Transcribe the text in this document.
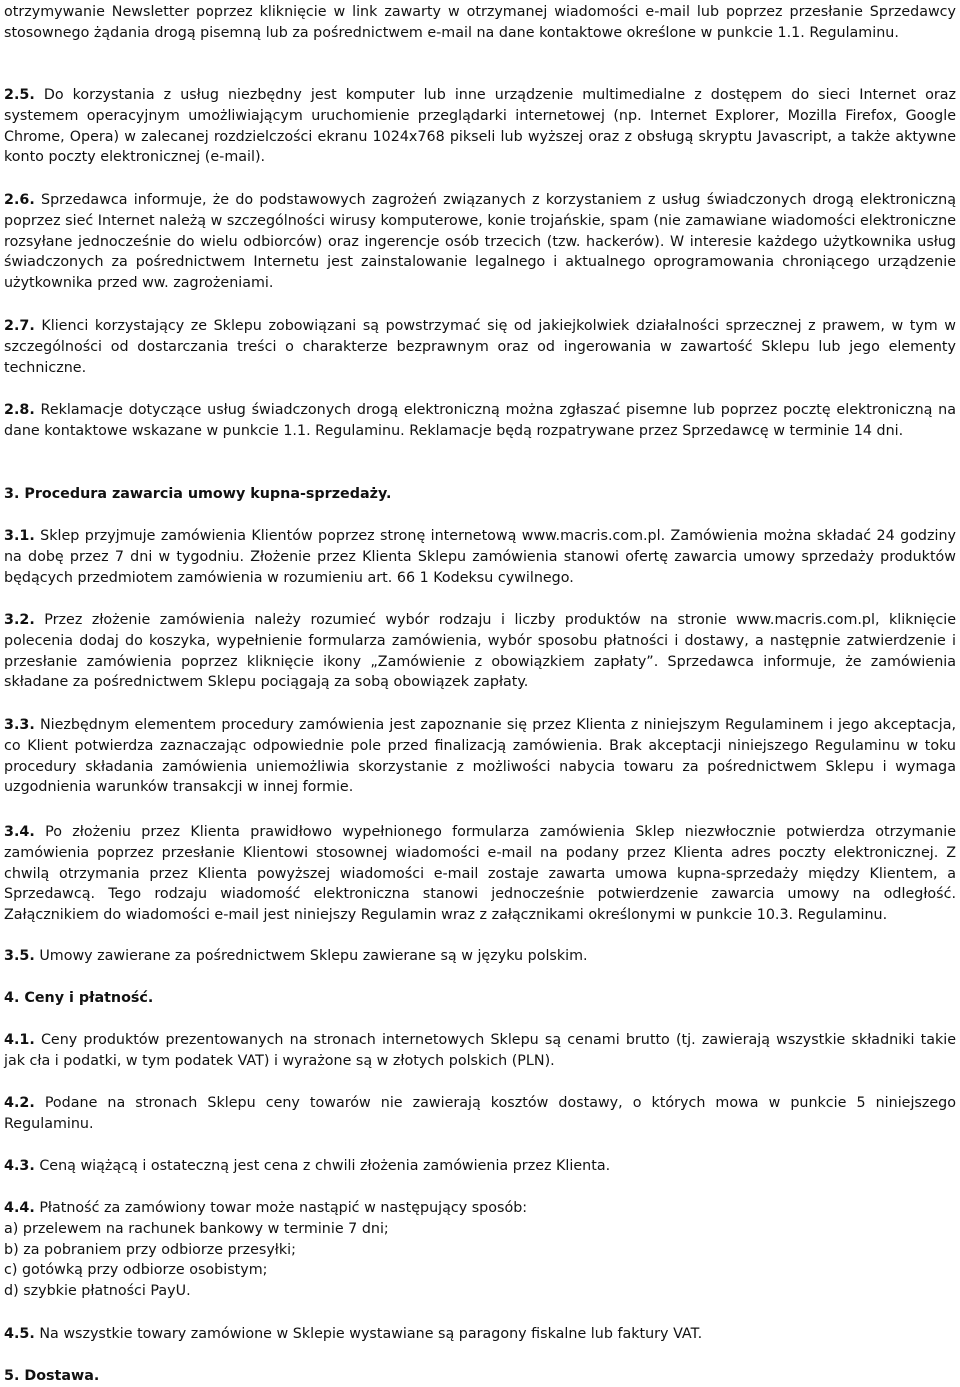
otrzymywanie Newsletter poprzez kliknięcie w link zawarty w otrzymanej wiadomości e-mail lub poprzez przesłanie Sprzedawcy stosownego żądania drogą pisemną lub za pośrednictwem e-mail na dane kontaktowe określone w punkcie 1.1. Regulaminu.

2.5. Do korzystania z usług niezbędny jest komputer lub inne urządzenie multimedialne z dostępem do sieci Internet oraz systemem operacyjnym umożliwiającym uruchomienie przeglądarki internetowej (np. Internet Explorer, Mozilla Firefox, Google Chrome, Opera) w zalecanej rozdzielczości ekranu 1024x768 pikseli lub wyższej oraz z obsługą skryptu Javascript, a także aktywne konto poczty elektronicznej (e-mail).

2.6. Sprzedawca informuje, że do podstawowych zagrożeń związanych z korzystaniem z usług świadczonych drogą elektroniczną poprzez sieć Internet należą w szczególności wirusy komputerowe, konie trojańskie, spam (nie zamawiane wiadomości elektroniczne rozsyłane jednocześnie do wielu odbiorców) oraz ingerencje osób trzecich (tzw. hackerów). W interesie każdego użytkownika usług świadczonych za pośrednictwem Internetu jest zainstalowanie legalnego i aktualnego oprogramowania chroniącego urządzenie użytkownika przed ww. zagrożeniami.

2.7. Klienci korzystający ze Sklepu zobowiązani są powstrzymać się od jakiejkolwiek działalności sprzecznej z prawem, w tym w szczególności od dostarczania treści o charakterze bezprawnym oraz od ingerowania w zawartość Sklepu lub jego elementy techniczne.

2.8. Reklamacje dotyczące usług świadczonych drogą elektroniczną można zgłaszać pisemne lub poprzez pocztę elektroniczną na dane kontaktowe wskazane w punkcie 1.1. Regulaminu. Reklamacje będą rozpatrywane przez Sprzedawcę w terminie 14 dni.

3. Procedura zawarcia umowy kupna-sprzedaży.

3.1. Sklep przyjmuje zamówienia Klientów poprzez stronę internetową www.macris.com.pl. Zamówienia można składać 24 godziny na dobę przez 7 dni w tygodniu. Złożenie przez Klienta Sklepu zamówienia stanowi ofertę zawarcia umowy sprzedaży produktów będących przedmiotem zamówienia w rozumieniu art. 66 1 Kodeksu cywilnego.

3.2. Przez złożenie zamówienia należy rozumieć wybór rodzaju i liczby produktów na stronie www.macris.com.pl, kliknięcie polecenia dodaj do koszyka, wypełnienie formularza zamówienia, wybór sposobu płatności i dostawy, a następnie zatwierdzenie i przesłanie zamówienia poprzez kliknięcie ikony „Zamówienie z obowiązkiem zapłaty”. Sprzedawca informuje, że zamówienia składane za pośrednictwem Sklepu pociągają za sobą obowiązek zapłaty.

3.3. Niezbędnym elementem procedury zamówienia jest zapoznanie się przez Klienta z niniejszym Regulaminem i jego akceptacja, co Klient potwierdza zaznaczając odpowiednie pole przed finalizacją zamówienia. Brak akceptacji niniejszego Regulaminu w toku procedury składania zamówienia uniemożliwia skorzystanie z możliwości nabycia towaru za pośrednictwem Sklepu i wymaga uzgodnienia warunków transakcji w innej formie.

3.4. Po złożeniu przez Klienta prawidłowo wypełnionego formularza zamówienia Sklep niezwłocznie potwierdza otrzymanie zamówienia poprzez przesłanie Klientowi stosownej wiadomości e-mail na podany przez Klienta adres poczty elektronicznej. Z chwilą otrzymania przez Klienta powyższej wiadomości e-mail zostaje zawarta umowa kupna-sprzedaży między Klientem, a Sprzedawcą. Tego rodzaju wiadomość elektroniczna stanowi jednocześnie potwierdzenie zawarcia umowy na odległość. Załącznikiem do wiadomości e-mail jest niniejszy Regulamin wraz z załącznikami określonymi w punkcie 10.3. Regulaminu.

3.5. Umowy zawierane za pośrednictwem Sklepu zawierane są w języku polskim.

4. Ceny i płatność.

4.1. Ceny produktów prezentowanych na stronach internetowych Sklepu są cenami brutto (tj. zawierają wszystkie składniki takie jak cła i podatki, w tym podatek VAT) i wyrażone są w złotych polskich (PLN).

4.2. Podane na stronach Sklepu ceny towarów nie zawierają kosztów dostawy, o których mowa w punkcie 5 niniejszego Regulaminu.

4.3. Ceną wiążącą i ostateczną jest cena z chwili złożenia zamówienia przez Klienta.

4.4. Płatność za zamówiony towar może nastąpić w następujący sposób:
a) przelewem na rachunek bankowy w terminie 7 dni;
b) za pobraniem przy odbiorze przesyłki;
c) gotówką przy odbiorze osobistym;
d) szybkie płatności PayU.

4.5. Na wszystkie towary zamówione w Sklepie wystawiane są paragony fiskalne lub faktury VAT.

5. Dostawa.
